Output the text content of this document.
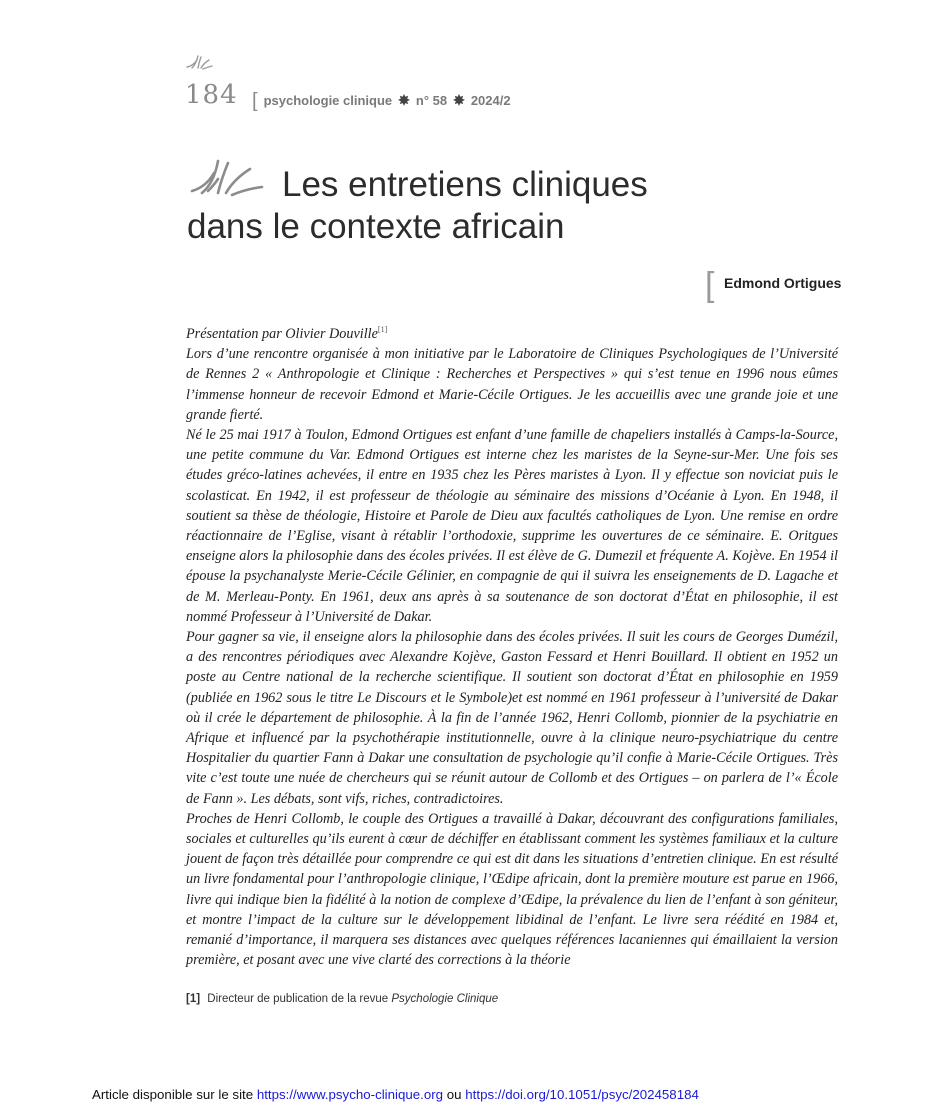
184 [ psychologie clinique ✸ n° 58 ✸ 2024/2
Les entretiens cliniques
dans le contexte africain
[ Edmond Ortigues

Présentation par Olivier Douville[1]

Lors d’une rencontre organisée à mon initiative par le Laboratoire de Cliniques Psychologiques de l’Université de Rennes 2 « Anthropologie et Clinique : Recherches et Perspectives » qui s’est tenue en 1996 nous eûmes l’immense honneur de recevoir Edmond et Marie-Cécile Ortigues. Je les accueillis avec une grande joie et une grande fierté.

Né le 25 mai 1917 à Toulon, Edmond Ortigues est enfant d’une famille de chapeliers installés à Camps-la-Source, une petite commune du Var. Edmond Ortigues est interne chez les maristes de la Seyne-sur-Mer. Une fois ses études gréco-latines achevées, il entre en 1935 chez les Pères maristes à Lyon. Il y effectue son noviciat puis le scolasticat. En 1942, il est professeur de théologie au séminaire des missions d’Océanie à Lyon. En 1948, il soutient sa thèse de théologie, Histoire et Parole de Dieu aux facultés catholiques de Lyon. Une remise en ordre réactionnaire de l’Eglise, visant à rétablir l’orthodoxie, supprime les ouvertures de ce séminaire. E. Oritgues enseigne alors la philosophie dans des écoles privées. Il est élève de G. Dumezil et fréquente A. Kojève. En 1954 il épouse la psychanalyste Merie-Cécile Gélinier, en compagnie de qui il suivra les enseignements de D. Lagache et de M. Merleau-Ponty. En 1961, deux ans après à sa soutenance de son doctorat d’État en philosophie, il est nommé Professeur à l’Université de Dakar.

Pour gagner sa vie, il enseigne alors la philosophie dans des écoles privées. Il suit les cours de Georges Dumézil, a des rencontres périodiques avec Alexandre Kojève, Gaston Fessard et Henri Bouillard. Il obtient en 1952 un poste au Centre national de la recherche scientifique. Il soutient son doctorat d’État en philosophie en 1959 (publiée en 1962 sous le titre Le Discours et le Symbole)et est nommé en 1961 professeur à l’université de Dakar où il crée le département de philosophie. À la fin de l’année 1962, Henri Collomb, pionnier de la psychiatrie en Afrique et influencé par la psychothérapie institutionnelle, ouvre à la clinique neuro-psychiatrique du centre Hospitalier du quartier Fann à Dakar une consultation de psychologie qu’il confie à Marie-Cécile Ortigues. Très vite c’est toute une nuée de chercheurs qui se réunit autour de Collomb et des Ortigues – on parlera de l’« École de Fann ». Les débats, sont vifs, riches, contradictoires.

Proches de Henri Collomb, le couple des Ortigues a travaillé à Dakar, découvrant des configurations familiales, sociales et culturelles qu’ils eurent à cœur de déchiffer en établissant comment les systèmes familiaux et la culture jouent de façon très détaillée pour comprendre ce qui est dit dans les situations d’entretien clinique. En est résulté un livre fondamental pour l’anthropologie clinique, l’Œdipe africain, dont la première mouture est parue en 1966, livre qui indique bien la fidélité à la notion de complexe d’Œdipe, la prévalence du lien de l’enfant à son géniteur, et montre l’impact de la culture sur le développement libidinal de l’enfant. Le livre sera réédité en 1984 et, remanié d’importance, il marquera ses distances avec quelques références lacaniennes qui émaillaient la version première, et posant avec une vive clarté des corrections à la théorie

[1] Directeur de publication de la revue Psychologie Clinique
Article disponible sur le site https://www.psycho-clinique.org ou https://doi.org/10.1051/psyc/202458184
